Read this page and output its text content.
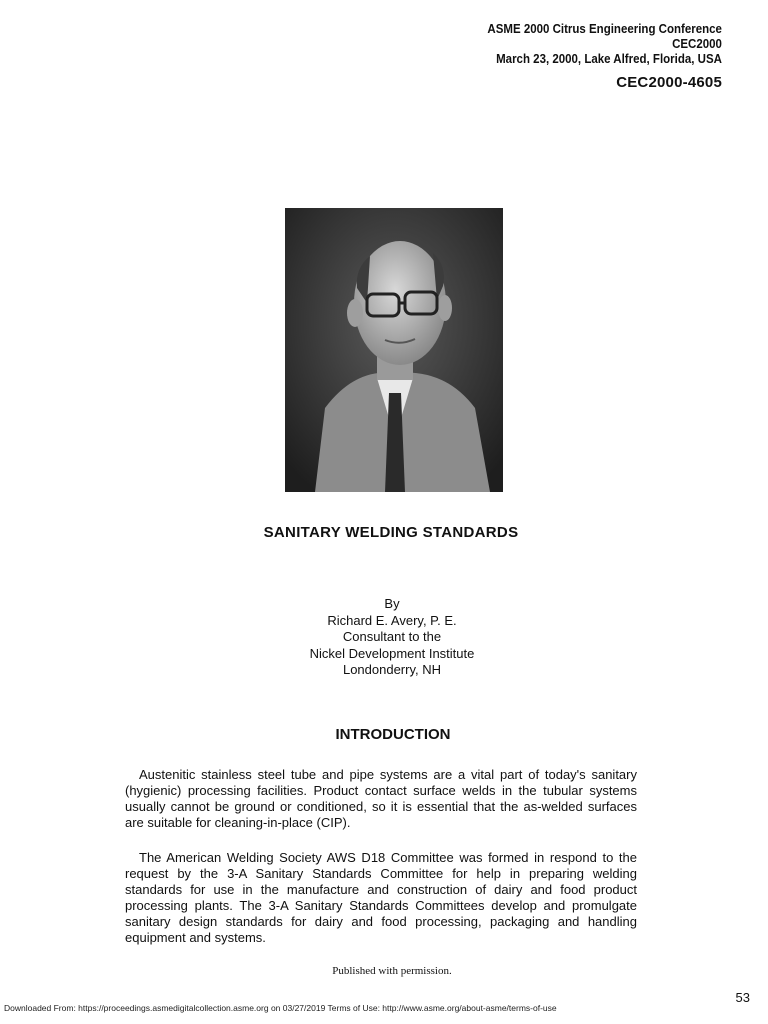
ASME 2000 Citrus Engineering Conference
CEC2000
March 23, 2000, Lake Alfred, Florida, USA
CEC2000-4605
SANITARY WELDING STANDARDS
By
Richard E. Avery, P. E.
Consultant to the
Nickel Development Institute
Londonderry, NH
INTRODUCTION
Austenitic stainless steel tube and pipe systems are a vital part of today's sanitary (hygienic) processing facilities. Product contact surface welds in the tubular systems usually cannot be ground or conditioned, so it is essential that the as-welded surfaces are suitable for cleaning-in-place (CIP).
The American Welding Society AWS D18 Committee was formed in respond to the request by the 3-A Sanitary Standards Committee for help in preparing welding standards for use in the manufacture and construction of dairy and food product processing plants. The 3-A Sanitary Standards Committees develop and promulgate sanitary design standards for dairy and food processing, packaging and handling equipment and systems.
Published with permission.
53
Downloaded From: https://proceedings.asmedigitalcollection.asme.org on 03/27/2019 Terms of Use: http://www.asme.org/about-asme/terms-of-use
